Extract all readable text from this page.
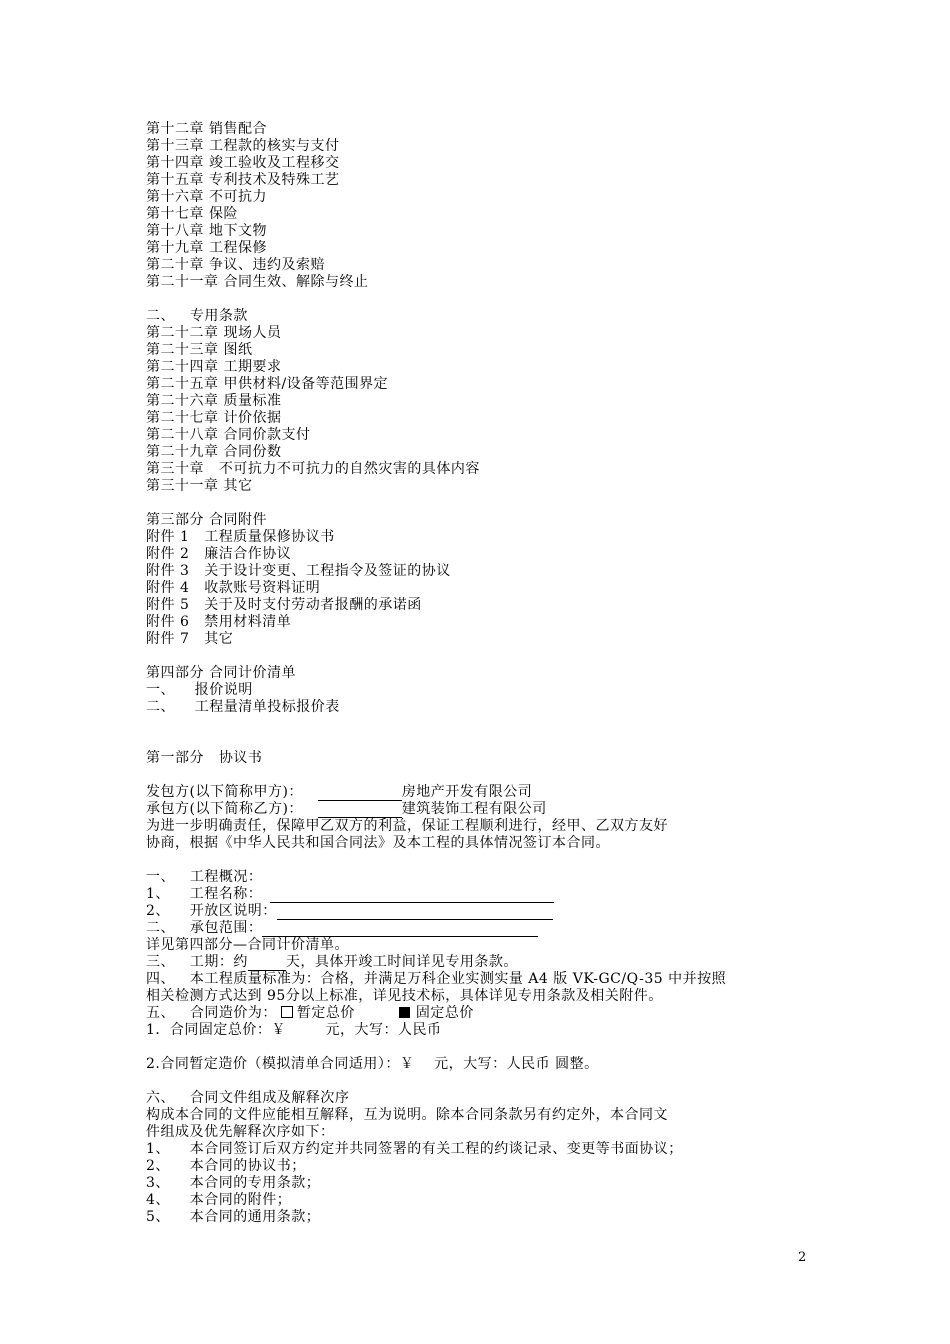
第十二章 销售配合
第十三章 工程款的核实与支付
第十四章 竣工验收及工程移交
第十五章 专利技术及特殊工艺
第十六章 不可抗力
第十七章 保险
第十八章 地下文物
第十九章 工程保修
第二十章 争议、违约及索赔
第二十一章 合同生效、解除与终止
二、   专用条款
第二十二章 现场人员
第二十三章 图纸
第二十四章 工期要求
第二十五章 甲供材料/设备等范围界定
第二十六章 质量标准
第二十七章 计价依据
第二十八章 合同价款支付
第二十九章 合同份数
第三十章   不可抗力不可抗力的自然灾害的具体内容
第三十一章 其它
第三部分 合同附件
附件 1   工程质量保修协议书
附件 2   廉洁合作协议
附件 3   关于设计变更、工程指令及签证的协议
附件 4   收款账号资料证明
附件 5   关于及时支付劳动者报酬的承诺函
附件 6   禁用材料清单
附件 7   其它
第四部分 合同计价清单
一、    报价说明
二、    工程量清单投标报价表
第一部分   协议书
发包方(以下简称甲方)：	房地产开发有限公司
承包方(以下简称乙方)：	建筑装饰工程有限公司
为进一步明确责任，保障甲乙双方的利益，保证工程顺利进行，经甲、乙双方友好
协商，根据《中华人民共和国合同法》及本工程的具体情况签订本合同。
一、   工程概况：
1、    工程名称：
2、    开放区说明：
二、   承包范围：
详见第四部分—合同计价清单。
三、   工期：约	天，具体开竣工时间详见专用条款。
四、   本工程质量标准为：合格，并满足万科企业实测实量 A4 版 VK-GC/Q-35 中并按照
相关检测方式达到 95分以上标准，详见技术标，具体详见专用条款及相关附件。
五、   合同造价为： 暂定总价	固定总价
1．合同固定总价：￥        元，大写：人民币
2.合同暂定造价（模拟清单合同适用）：￥    元，大写：人民币 圆整。
六、   合同文件组成及解释次序
构成本合同的文件应能相互解释，互为说明。除本合同条款另有约定外，本合同文
件组成及优先解释次序如下：
1、    本合同签订后双方约定并共同签署的有关工程的约谈记录、变更等书面协议；
2、    本合同的协议书；
3、    本合同的专用条款；
4、    本合同的附件；
5、    本合同的通用条款；
2
